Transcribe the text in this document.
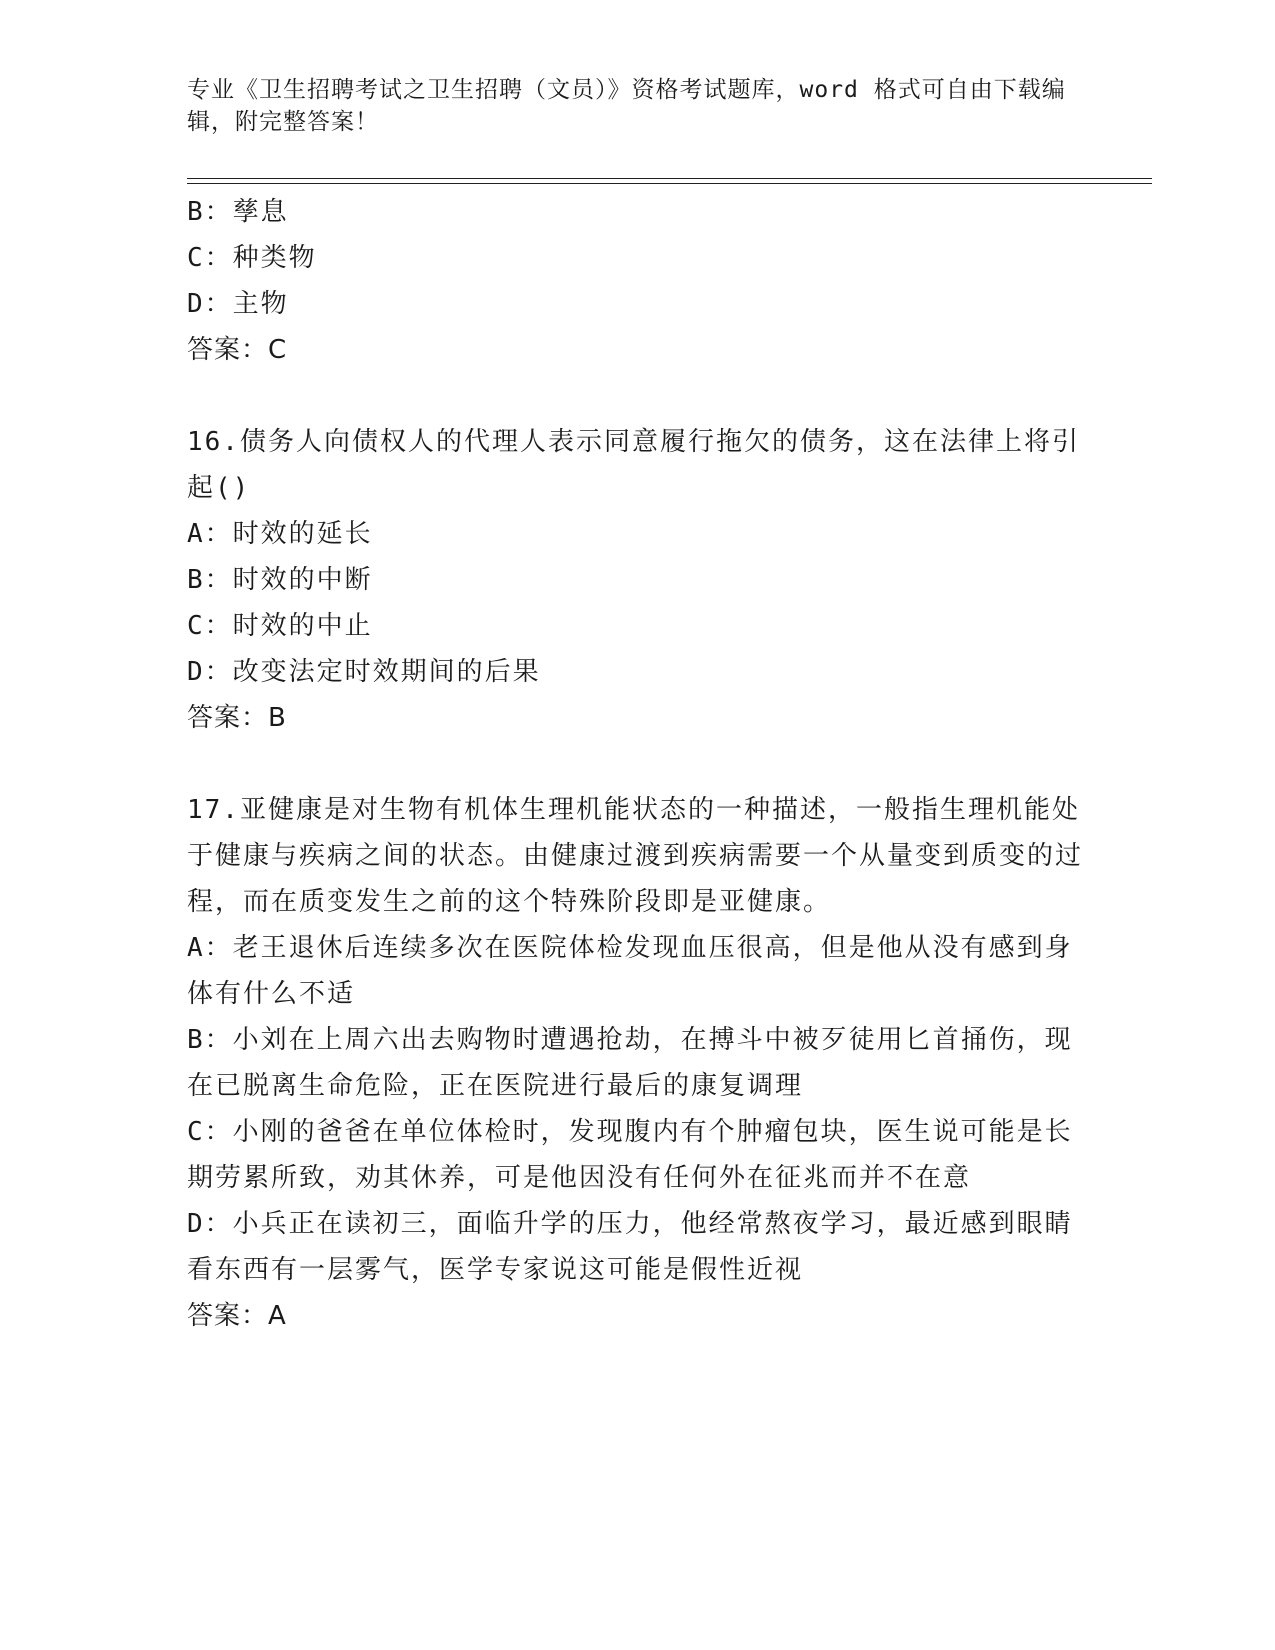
专业《卫生招聘考试之卫生招聘（文员）》资格考试题库，word 格式可自由下载编辑，附完整答案！
B：孳息
C：种类物
D：主物
答案：C
16.债务人向债权人的代理人表示同意履行拖欠的债务，这在法律上将引起()
A：时效的延长
B：时效的中断
C：时效的中止
D：改变法定时效期间的后果
答案：B
17.亚健康是对生物有机体生理机能状态的一种描述，一般指生理机能处于健康与疾病之间的状态。由健康过渡到疾病需要一个从量变到质变的过程，而在质变发生之前的这个特殊阶段即是亚健康。
A：老王退休后连续多次在医院体检发现血压很高，但是他从没有感到身体有什么不适
B：小刘在上周六出去购物时遭遇抢劫，在搏斗中被歹徒用匕首捅伤，现在已脱离生命危险，正在医院进行最后的康复调理
C：小刚的爸爸在单位体检时，发现腹内有个肿瘤包块，医生说可能是长期劳累所致，劝其休养，可是他因没有任何外在征兆而并不在意
D：小兵正在读初三，面临升学的压力，他经常熬夜学习，最近感到眼睛看东西有一层雾气，医学专家说这可能是假性近视
答案：A
